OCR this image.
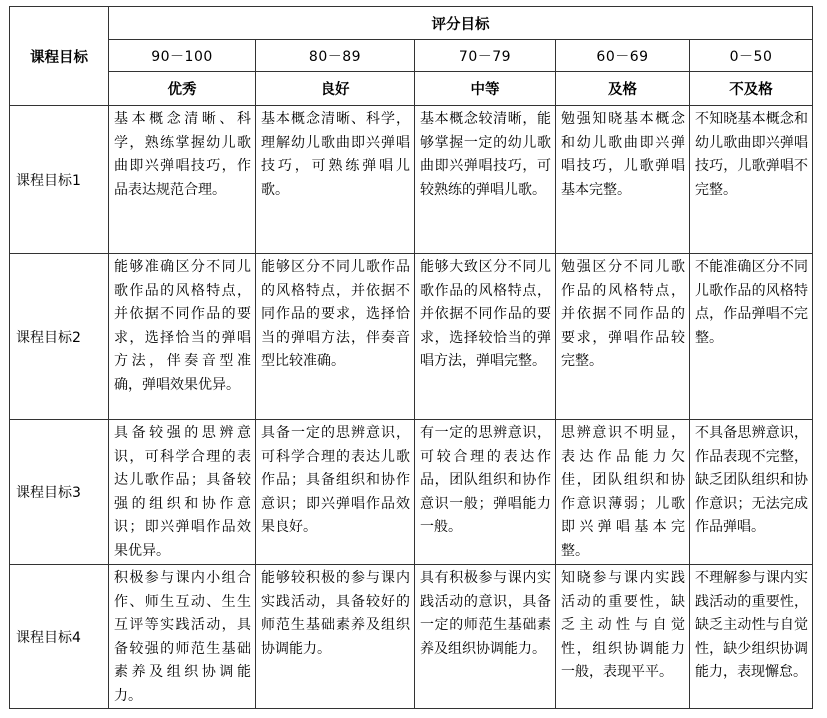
课程目标	评分目标				
	90－100	80－89	70－79	60－69	0－50
	优秀	良好	中等	及格	不及格
课程目标1	基本概念清晰、科学，熟练掌握幼儿歌曲即兴弹唱技巧，作品表达规范合理。	基本概念清晰、科学，理解幼儿歌曲即兴弹唱技巧，可熟练弹唱儿歌。	基本概念较清晰，能够掌握一定的幼儿歌曲即兴弹唱技巧，可较熟练的弹唱儿歌。	勉强知晓基本概念和幼儿歌曲即兴弹唱技巧，儿歌弹唱基本完整。	不知晓基本概念和幼儿歌曲即兴弹唱技巧，儿歌弹唱不完整。
课程目标2	能够准确区分不同儿歌作品的风格特点，并依据不同作品的要求，选择恰当的弹唱方法，伴奏音型准确，弹唱效果优异。	能够区分不同儿歌作品的风格特点，并依据不同作品的要求，选择恰当的弹唱方法，伴奏音型比较准确。	能够大致区分不同儿歌作品的风格特点，并依据不同作品的要求，选择较恰当的弹唱方法，弹唱完整。	勉强区分不同儿歌作品的风格特点，并依据不同作品的要求，弹唱作品较完整。	不能准确区分不同儿歌作品的风格特点，作品弹唱不完整。
课程目标3	具备较强的思辨意识，可科学合理的表达儿歌作品；具备较强的组织和协作意识；即兴弹唱作品效果优异。	具备一定的思辨意识，可科学合理的表达儿歌作品；具备组织和协作意识；即兴弹唱作品效果良好。	有一定的思辨意识，可较合理的表达作品，团队组织和协作意识一般；弹唱能力一般。	思辨意识不明显，表达作品能力欠佳，团队组织和协作意识薄弱；儿歌即兴弹唱基本完整。	不具备思辨意识，作品表现不完整，缺乏团队组织和协作意识；无法完成作品弹唱。
课程目标4	积极参与课内小组合作、师生互动、生生互评等实践活动，具备较强的师范生基础素养及组织协调能力。	能够较积极的参与课内实践活动，具备较好的师范生基础素养及组织协调能力。	具有积极参与课内实践活动的意识，具备一定的师范生基础素养及组织协调能力。	知晓参与课内实践活动的重要性，缺乏主动性与自觉性，组织协调能力一般，表现平平。	不理解参与课内实践活动的重要性，缺乏主动性与自觉性，缺少组织协调能力，表现懈怠。
